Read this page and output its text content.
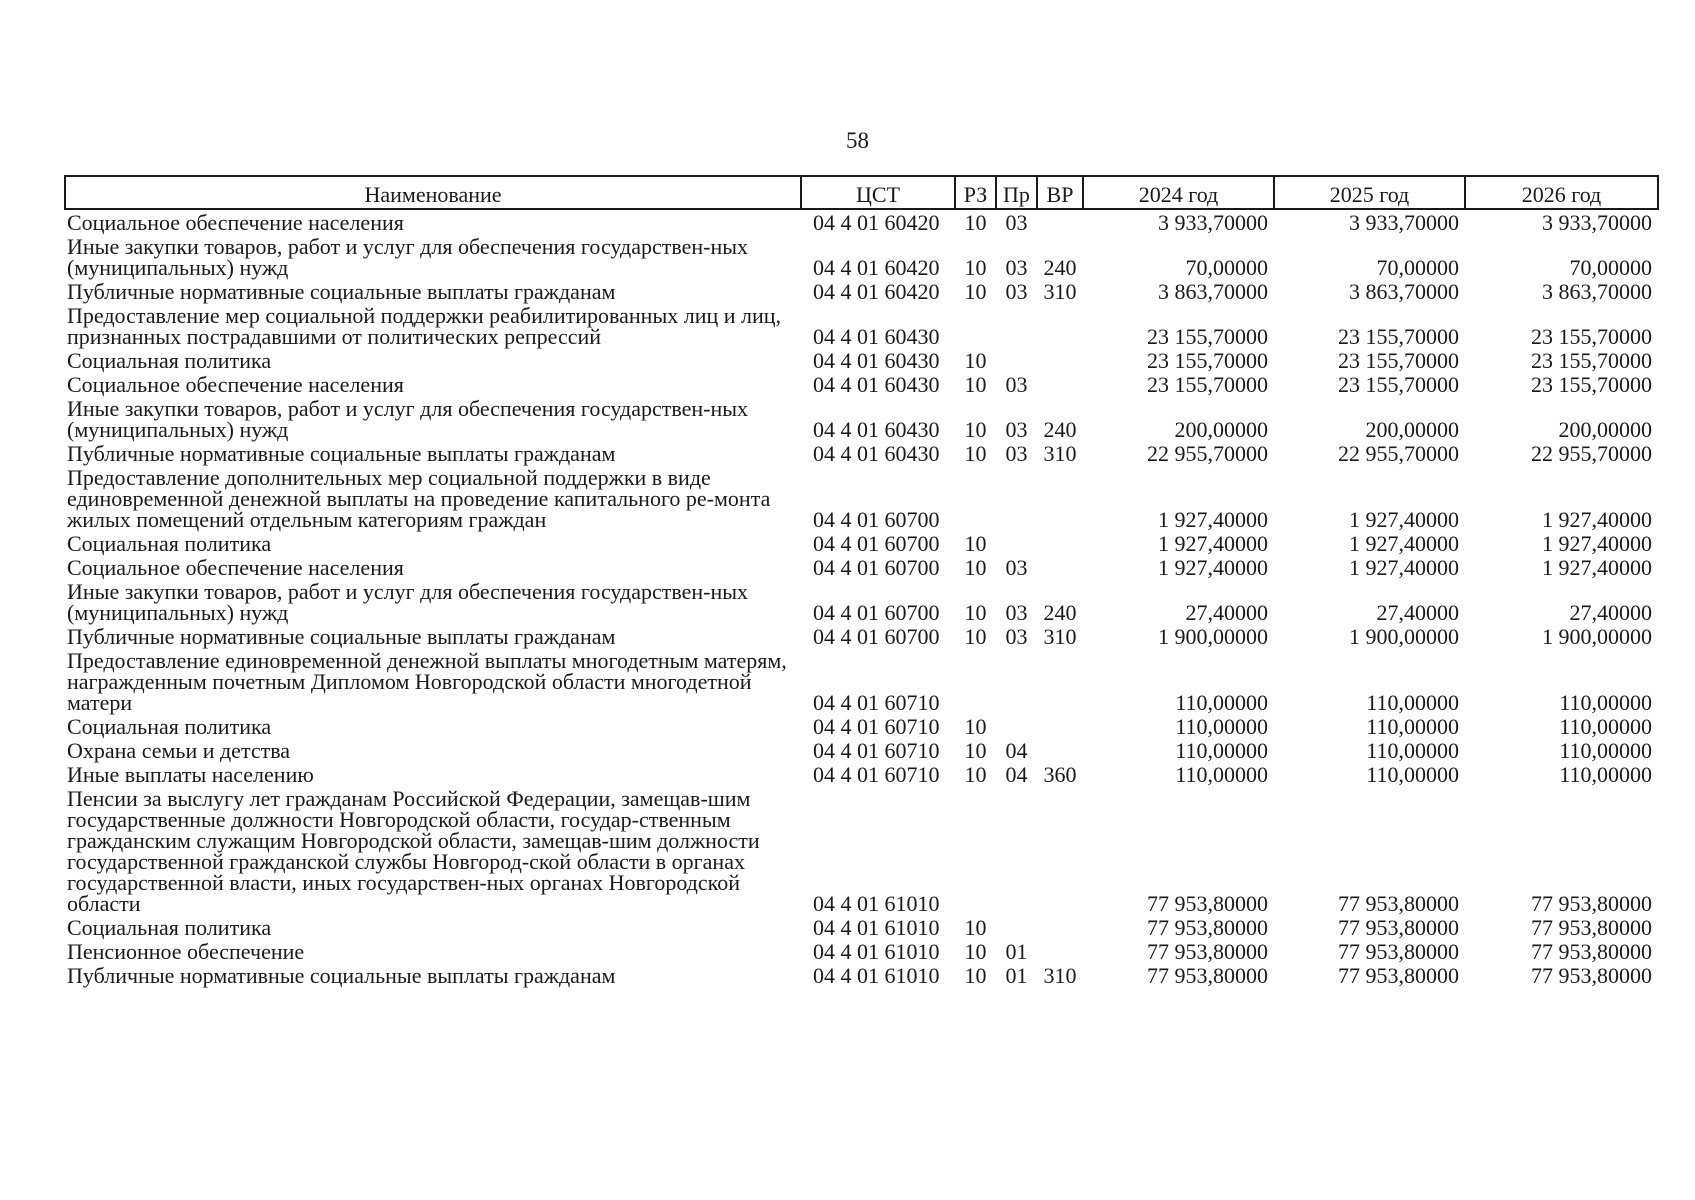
58
Наименование	ЦСТ	РЗ	Пр	ВР	2024 год	2025 год	2026 год
Социальное обеспечение населения	04 4 01 60420	10	03		3 933,70000	3 933,70000	3 933,70000
Иные закупки товаров, работ и услуг для обеспечения государствен-ных (муниципальных) нужд	04 4 01 60420	10	03	240	70,00000	70,00000	70,00000
Публичные нормативные социальные выплаты гражданам	04 4 01 60420	10	03	310	3 863,70000	3 863,70000	3 863,70000
Предоставление мер социальной поддержки реабилитированных лиц и лиц, признанных пострадавшими от политических репрессий	04 4 01 60430				23 155,70000	23 155,70000	23 155,70000
Социальная политика	04 4 01 60430	10			23 155,70000	23 155,70000	23 155,70000
Социальное обеспечение населения	04 4 01 60430	10	03		23 155,70000	23 155,70000	23 155,70000
Иные закупки товаров, работ и услуг для обеспечения государствен-ных (муниципальных) нужд	04 4 01 60430	10	03	240	200,00000	200,00000	200,00000
Публичные нормативные социальные выплаты гражданам	04 4 01 60430	10	03	310	22 955,70000	22 955,70000	22 955,70000
Предоставление дополнительных мер социальной поддержки в виде единовременной денежной выплаты на проведение капитального ре-монта жилых помещений отдельным категориям граждан	04 4 01 60700				1 927,40000	1 927,40000	1 927,40000
Социальная политика	04 4 01 60700	10			1 927,40000	1 927,40000	1 927,40000
Социальное обеспечение населения	04 4 01 60700	10	03		1 927,40000	1 927,40000	1 927,40000
Иные закупки товаров, работ и услуг для обеспечения государствен-ных (муниципальных) нужд	04 4 01 60700	10	03	240	27,40000	27,40000	27,40000
Публичные нормативные социальные выплаты гражданам	04 4 01 60700	10	03	310	1 900,00000	1 900,00000	1 900,00000
Предоставление единовременной денежной выплаты многодетным матерям, награжденным почетным Дипломом Новгородской области многодетной матери	04 4 01 60710				110,00000	110,00000	110,00000
Социальная политика	04 4 01 60710	10			110,00000	110,00000	110,00000
Охрана семьи и детства	04 4 01 60710	10	04		110,00000	110,00000	110,00000
Иные выплаты населению	04 4 01 60710	10	04	360	110,00000	110,00000	110,00000
Пенсии за выслугу лет гражданам Российской Федерации, замещав-шим государственные должности Новгородской области, государ-ственным гражданским служащим Новгородской области, замещав-шим должности государственной гражданской службы Новгород-ской области в органах государственной власти, иных государствен-ных органах Новгородской области	04 4 01 61010				77 953,80000	77 953,80000	77 953,80000
Социальная политика	04 4 01 61010	10			77 953,80000	77 953,80000	77 953,80000
Пенсионное обеспечение	04 4 01 61010	10	01		77 953,80000	77 953,80000	77 953,80000
Публичные нормативные социальные выплаты гражданам	04 4 01 61010	10	01	310	77 953,80000	77 953,80000	77 953,80000
